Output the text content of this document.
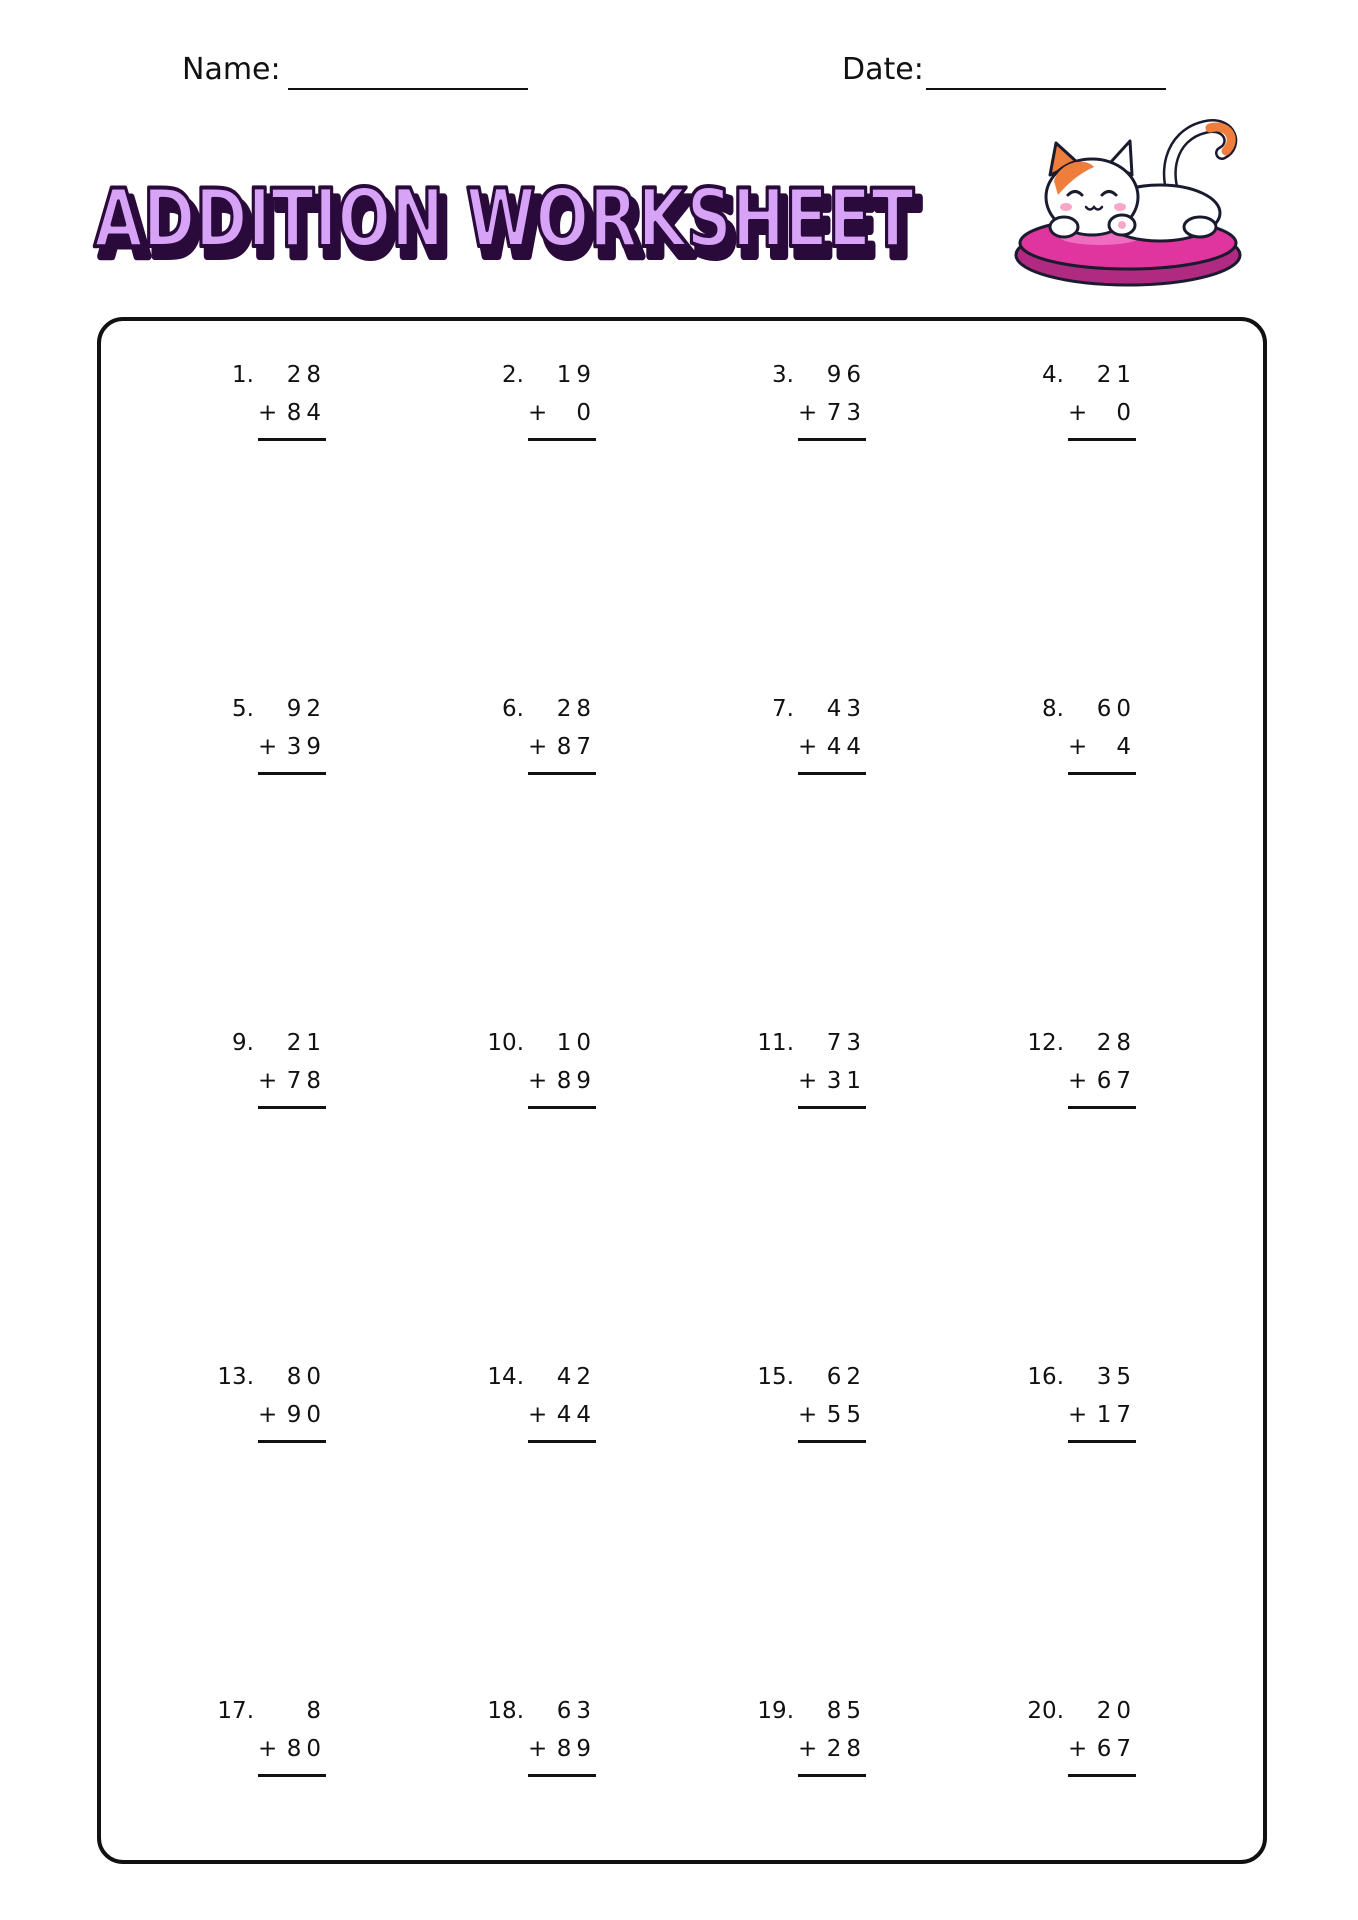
Name:	Date:
ADDITION WORKSHEET
ADDITION WORKSHEET
1. 28
+ 84
2. 19
+ 0
3. 96
+ 73
4. 21
+ 0
5. 92
+ 39
6. 28
+ 87
7. 43
+ 44
8. 60
+ 4
9. 21
+ 78
10. 10
+ 89
11. 73
+ 31
12. 28
+ 67
13. 80
+ 90
14. 42
+ 44
15. 62
+ 55
16. 35
+ 17
17. 8
+ 80
18. 63
+ 89
19. 85
+ 28
20. 20
+ 67
